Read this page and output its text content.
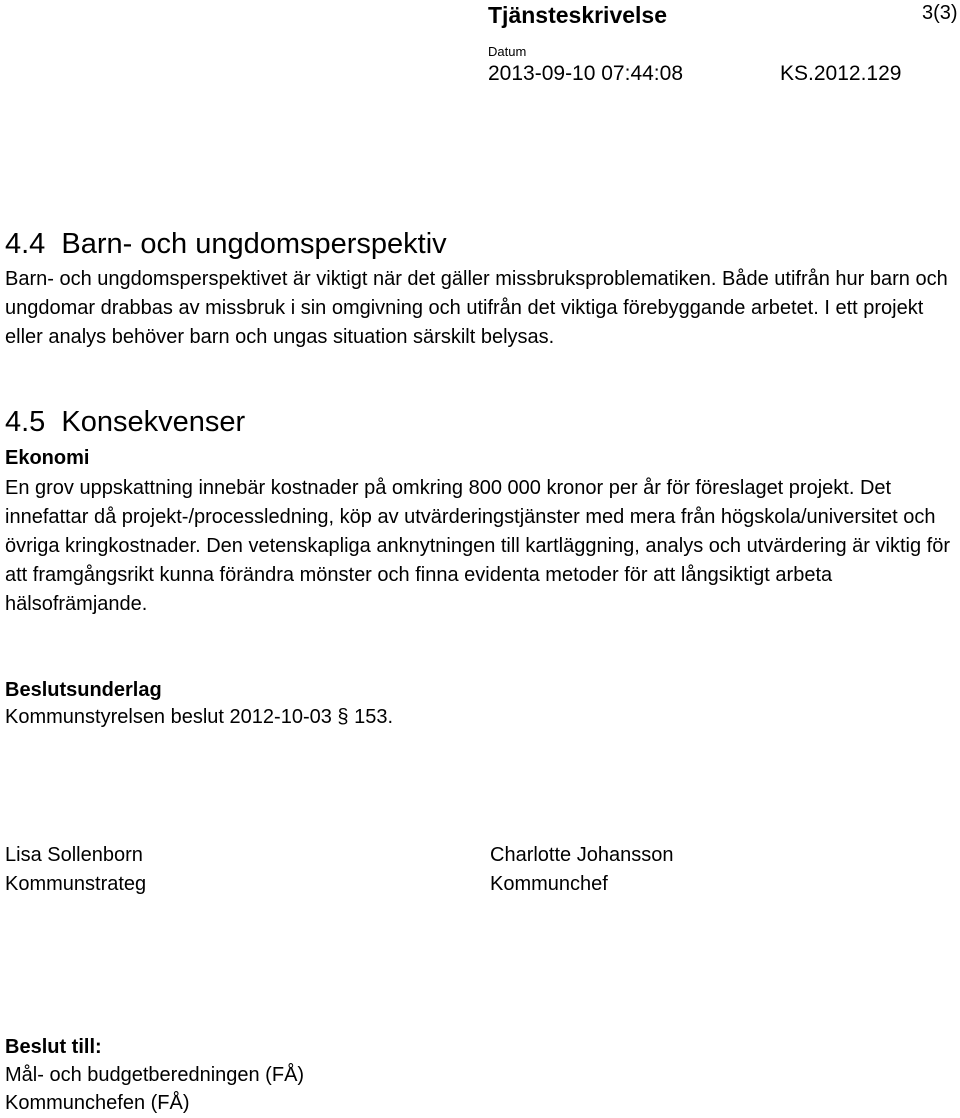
Tjänsteskrivelse	3(3)
Datum
2013-09-10 07:44:08	KS.2012.129
4.4  Barn- och ungdomsperspektiv
Barn- och ungdomsperspektivet är viktigt när det gäller missbruksproblematiken. Både utifrån hur barn och ungdomar drabbas av missbruk i sin omgivning och utifrån det viktiga förebyggande arbetet. I ett projekt eller analys behöver barn och ungas situation särskilt belysas.
4.5  Konsekvenser
Ekonomi
En grov uppskattning innebär kostnader på omkring 800 000 kronor per år för föreslaget projekt. Det innefattar då projekt-/processledning, köp av utvärderingstjänster med mera från högskola/universitet och övriga kringkostnader. Den vetenskapliga anknytningen till kartläggning, analys och utvärdering är viktig för att framgångsrikt kunna förändra mönster och finna evidenta metoder för att långsiktigt arbeta hälsofrämjande.
Beslutsunderlag
Kommunstyrelsen beslut 2012-10-03 § 153.
Lisa Sollenborn
Kommunstrateg
Charlotte Johansson
Kommunchef
Beslut till:
Mål- och budgetberedningen (FÅ)
Kommunchefen (FÅ)
